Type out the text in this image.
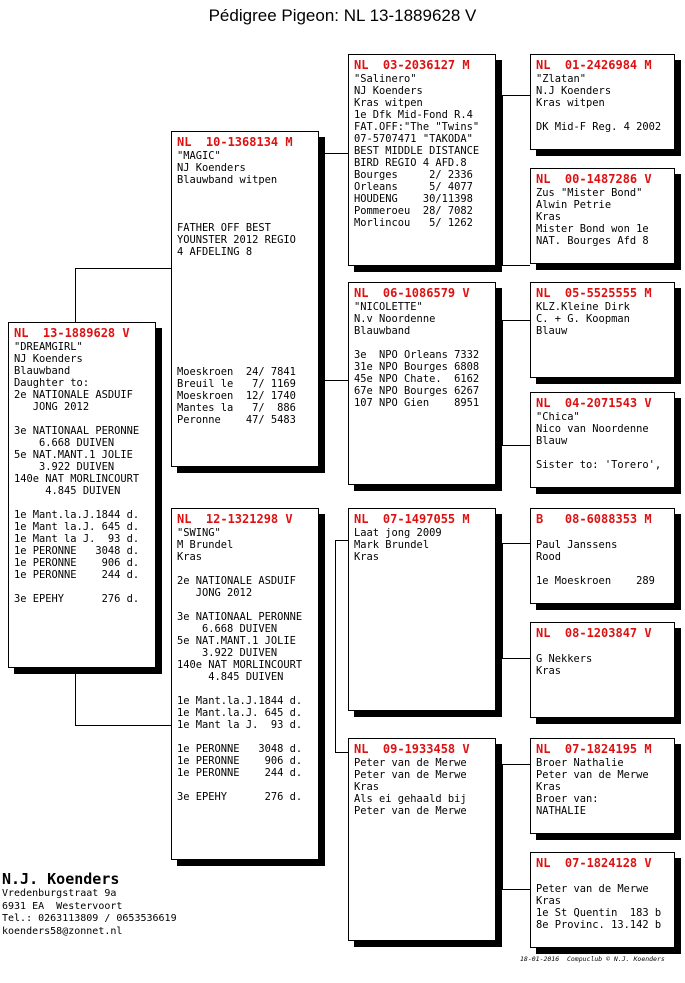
Pédigree Pigeon: NL 13-1889628 V
NL  13-1889628 V
"DREAMGIRL"
NJ Koenders
Blauwband
Daughter to:
2e NATIONALE ASDUIF
JONG 2012
3e NATIONAAL PERONNE
6.668 DUIVEN
5e NAT.MANT.1 JOLIE
3.922 DUIVEN
140e NAT MORLINCOURT
4.845 DUIVEN
1e Mant.la.J.1844 d.
1e Mant la.J. 645 d.
1e Mant la J.  93 d.
1e PERONNE   3048 d.
1e PERONNE    906 d.
1e PERONNE    244 d.
3e EPEHY      276 d.
NL  10-1368134 M
"MAGIC"
NJ Koenders
Blauwband witpen
FATHER OFF BEST
YOUNSTER 2012 REGIO
4 AFDELING 8
Moeskroen  24/ 7841
Breuil le   7/ 1169
Moeskroen  12/ 1740
Mantes la   7/  886
Peronne    47/ 5483
NL  12-1321298 V
"SWING"
M Brundel
Kras
2e NATIONALE ASDUIF
JONG 2012
3e NATIONAAL PERONNE
6.668 DUIVEN
5e NAT.MANT.1 JOLIE
3.922 DUIVEN
140e NAT MORLINCOURT
4.845 DUIVEN
1e Mant.la.J.1844 d.
1e Mant.la.J. 645 d.
1e Mant la J.  93 d.
1e PERONNE   3048 d.
1e PERONNE    906 d.
1e PERONNE    244 d.
3e EPEHY      276 d.
NL  03-2036127 M
"Salinero"
NJ Koenders
Kras witpen
1e Dfk Mid-Fond R.4
FAT.OFF:"The "Twins"
07-5707471 "TAKODA"
BEST MIDDLE DISTANCE
BIRD REGIO 4 AFD.8
Bourges     2/ 2336
Orleans     5/ 4077
HOUDENG    30/11398
Pommeroeu  28/ 7082
Morlincou   5/ 1262
NL  06-1086579 V
"NICOLETTE"
N.v Noordenne
Blauwband
3e  NPO Orleans 7332
31e NPO Bourges 6808
45e NPO Chate.  6162
67e NPO Bourges 6267
107 NPO Gien    8951
NL  07-1497055 M
Laat jong 2009
Mark Brundel
Kras
NL  09-1933458 V
Peter van de Merwe
Peter van de Merwe
Kras
Als ei gehaald bij
Peter van de Merwe
NL  01-2426984 M
"Zlatan"
N.J Koenders
Kras witpen
DK Mid-F Reg. 4 2002
NL  00-1487286 V
Zus "Mister Bond"
Alwin Petrie
Kras
Mister Bond won 1e
NAT. Bourges Afd 8
NL  05-5525555 M
KLZ.Kleine Dirk
C. + G. Koopman
Blauw
NL  04-2071543 V
"Chica"
Nico van Noordenne
Blauw
Sister to: 'Torero'‚
B   08-6088353 M
Paul Janssens
Rood
1e Moeskroen    289
NL  08-1203847 V
G Nekkers
Kras
NL  07-1824195 M
Broer Nathalie
Peter van de Merwe
Kras
Broer van:
NATHALIE
NL  07-1824128 V
Peter van de Merwe
Kras
1e St Quentin  183 b
8e Provinc. 13.142 b
N.J. Koenders
Vredenburgstraat 9a
6931 EA  Westervoort
Tel.: 0263113809 / 0653536619
koenders58@zonnet.nl
18-01-2016  Compuclub © N.J. Koenders
